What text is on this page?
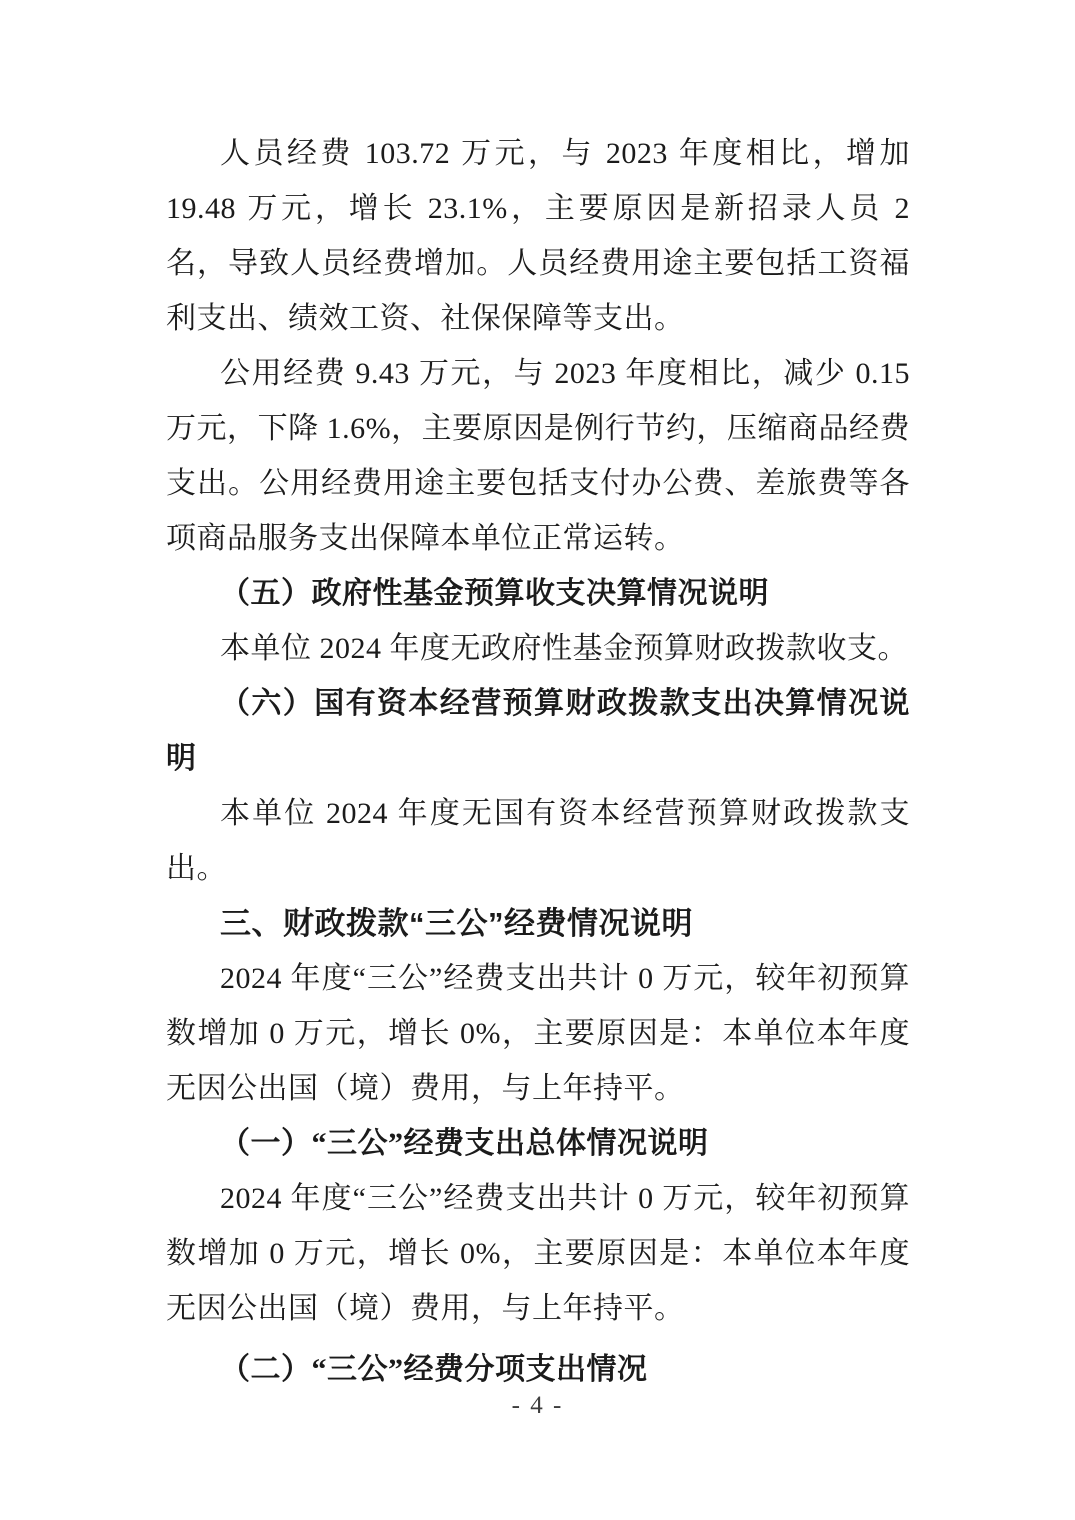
人员经费 103.72 万元，与 2023 年度相比，增加 19.48 万元，增长 23.1%，主要原因是新招录人员 2 名，导致人员经费增加。人员经费用途主要包括工资福利支出、绩效工资、社保保障等支出。

公用经费 9.43 万元，与 2023 年度相比，减少 0.15 万元，下降 1.6%，主要原因是例行节约，压缩商品经费支出。公用经费用途主要包括支付办公费、差旅费等各项商品服务支出保障本单位正常运转。

（五）政府性基金预算收支决算情况说明

本单位 2024 年度无政府性基金预算财政拨款收支。

（六）国有资本经营预算财政拨款支出决算情况说明

本单位 2024 年度无国有资本经营预算财政拨款支出。

三、财政拨款“三公”经费情况说明

2024 年度“三公”经费支出共计 0 万元，较年初预算数增加 0 万元，增长 0%，主要原因是：本单位本年度无因公出国（境）费用，与上年持平。

（一）“三公”经费支出总体情况说明

2024 年度“三公”经费支出共计 0 万元，较年初预算数增加 0 万元，增长 0%，主要原因是：本单位本年度无因公出国（境）费用，与上年持平。

（二）“三公”经费分项支出情况

- 4 -
